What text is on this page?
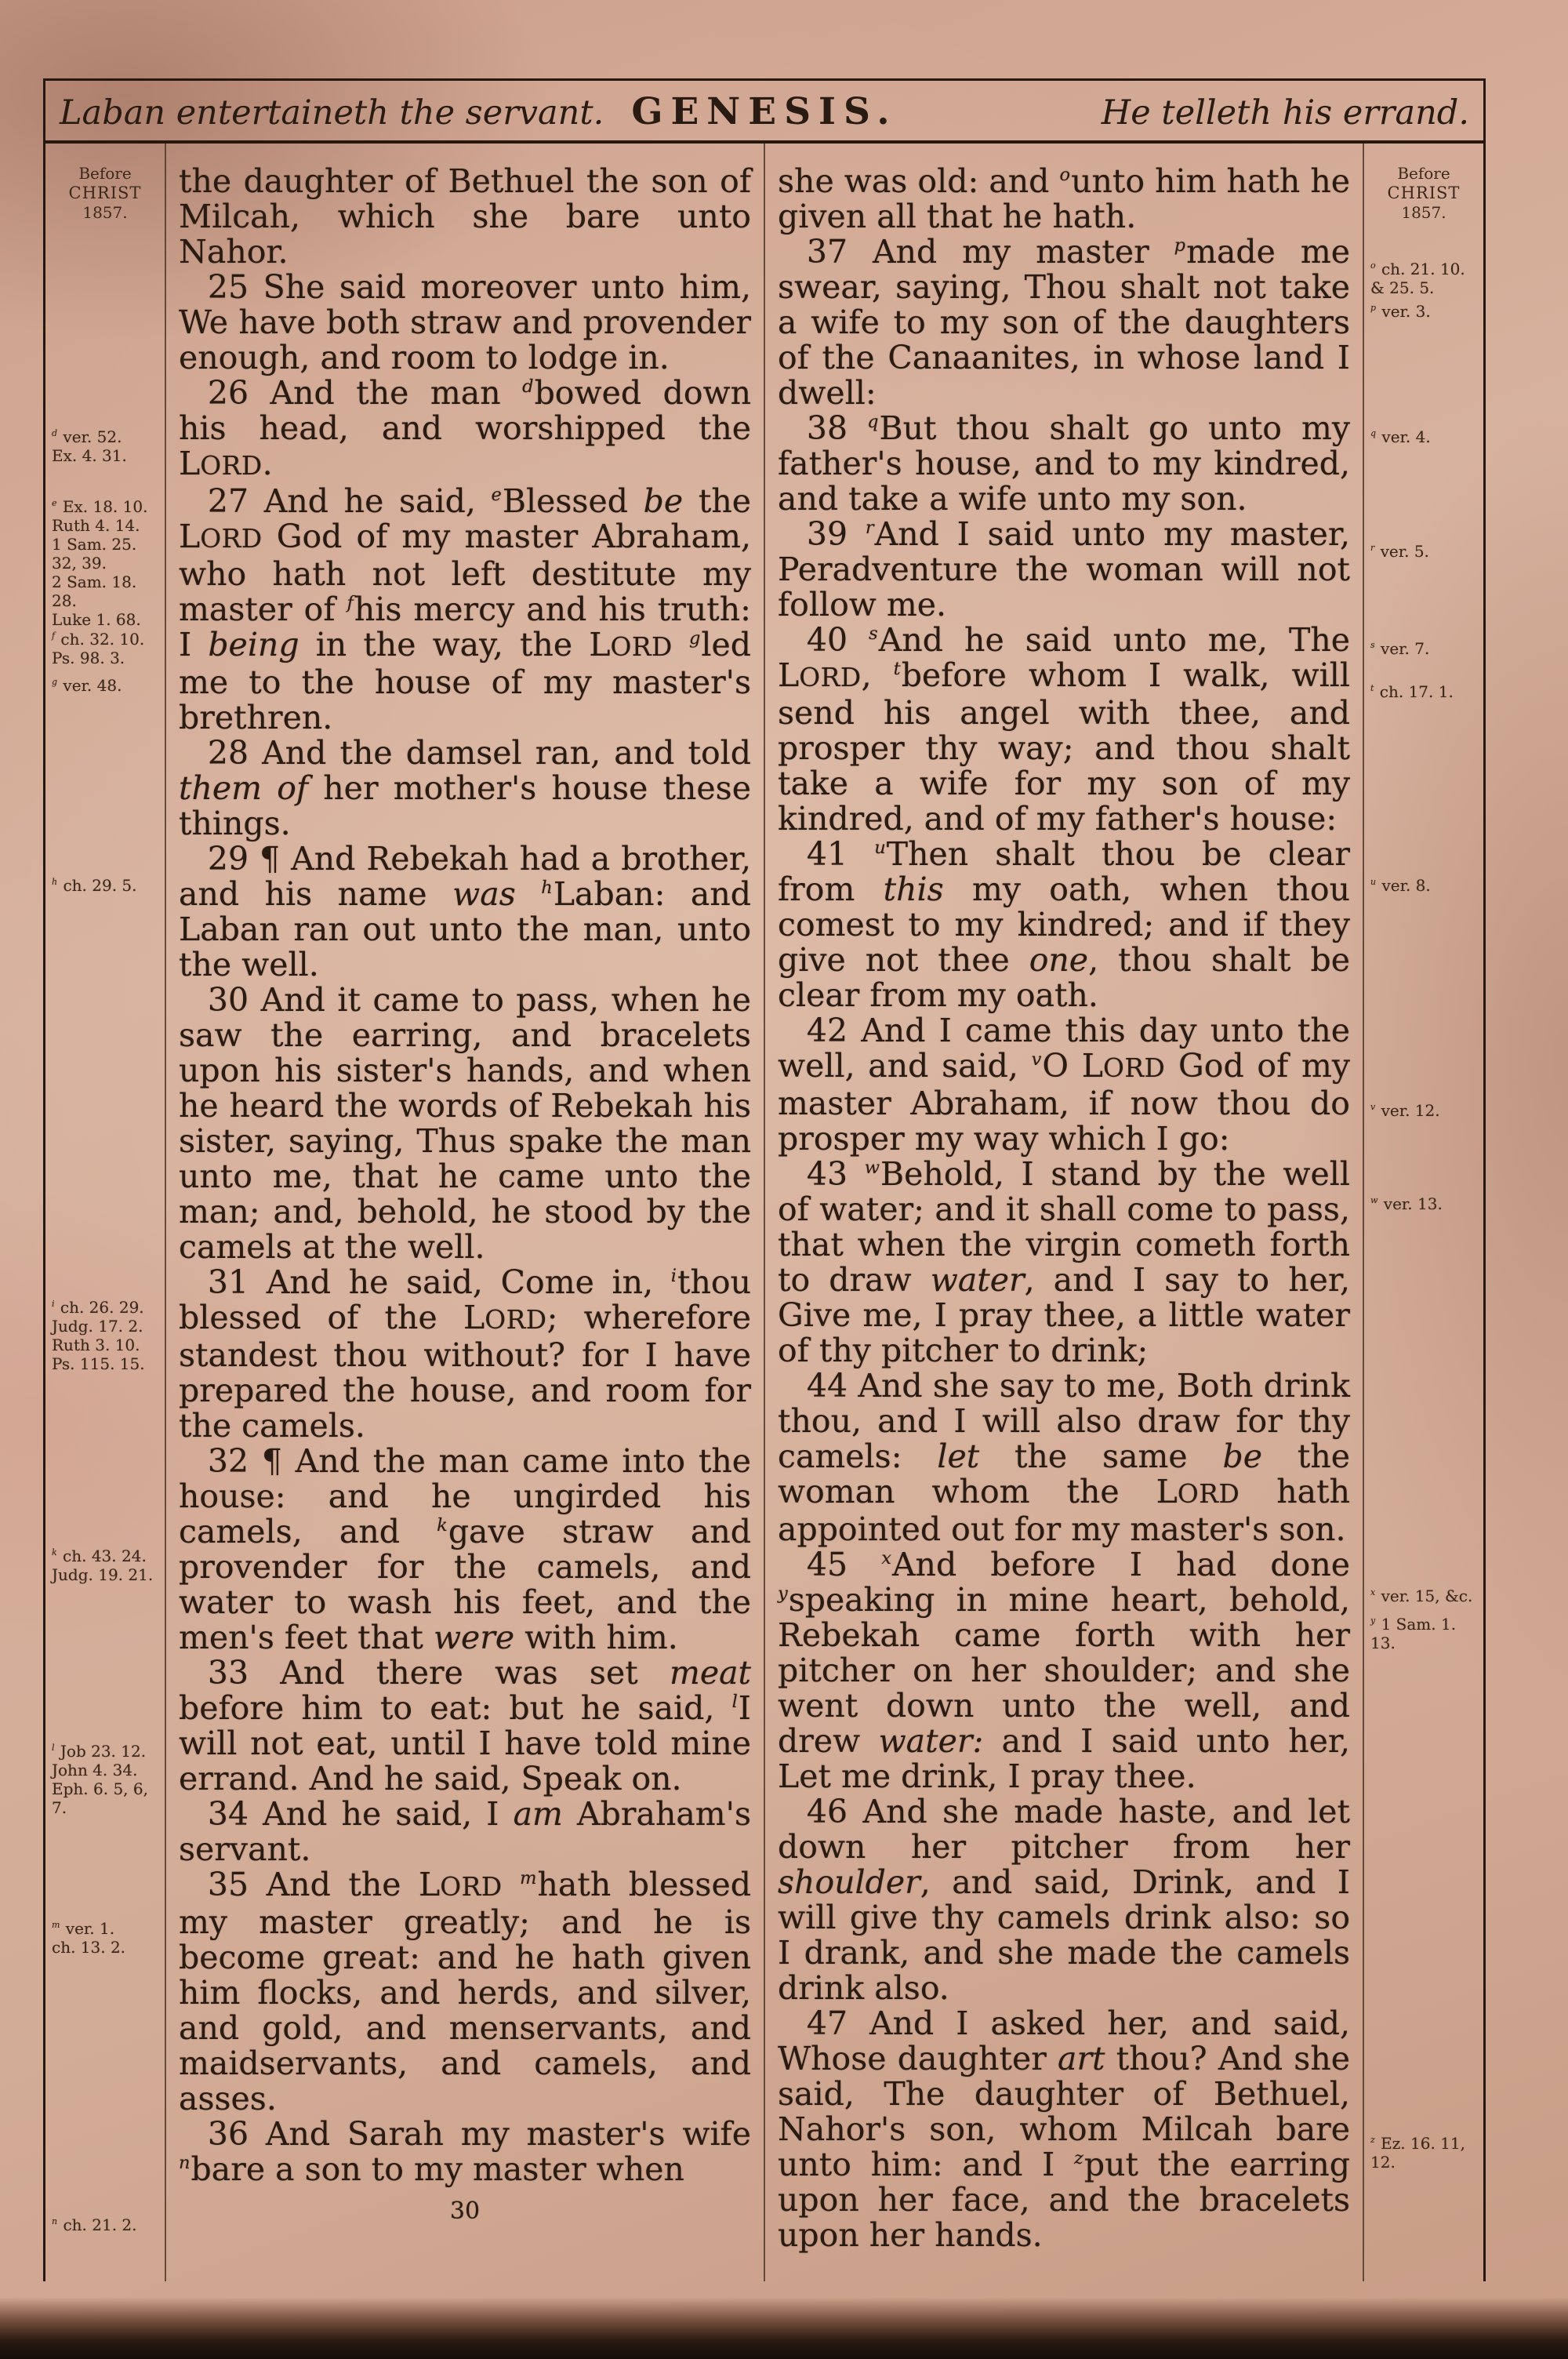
Laban entertaineth the servant. GENESIS.	He telleth his errand.
Before
CHRIST
1857.
$^d$ ver. 52.
Ex. 4. 31.
$^e$ Ex. 18. 10.
Ruth 4. 14.
1 Sam. 25.
32, 39.
2 Sam. 18.
28.
Luke 1. 68.
$^f$ ch. 32. 10.
Ps. 98. 3.
$^g$ ver. 48.
$^h$ ch. 29. 5.
$^i$ ch. 26. 29.
Judg. 17. 2.
Ruth 3. 10.
Ps. 115. 15.
$^k$ ch. 43. 24.
Judg. 19. 21.
$^l$ Job 23. 12.
John 4. 34.
Eph. 6. 5, 6,
7.
$^m$ ver. 1.
ch. 13. 2.
$^n$ ch. 21. 2.

the daughter of Bethuel the son of Milcah, which she bare unto Nahor.

25 She said moreover unto him, We have both straw and provender enough, and room to lodge in.

26 And the man $^d$bowed down his head, and worshipped the LORD.

27 And he said, $^e$Blessed be the LORD God of my master Abraham, who hath not left destitute my master of $^f$his mercy and his truth: I being in the way, the LORD $^g$led me to the house of my master's brethren.

28 And the damsel ran, and told them of her mother's house these things.

29 ¶ And Rebekah had a brother, and his name was $^h$Laban: and Laban ran out unto the man, unto the well.

30 And it came to pass, when he saw the earring, and bracelets upon his sister's hands, and when he heard the words of Rebekah his sister, saying, Thus spake the man unto me, that he came unto the man; and, behold, he stood by the camels at the well.

31 And he said, Come in, $^i$thou blessed of the LORD; wherefore standest thou without? for I have prepared the house, and room for the camels.

32 ¶ And the man came into the house: and he ungirded his camels, and $^k$gave straw and provender for the camels, and water to wash his feet, and the men's feet that were with him.

33 And there was set meat before him to eat: but he said, $^l$I will not eat, until I have told mine errand. And he said, Speak on.

34 And he said, I am Abraham's servant.

35 And the LORD $^m$hath blessed my master greatly; and he is become great: and he hath given him flocks, and herds, and silver, and gold, and menservants, and maidservants, and camels, and asses.

36 And Sarah my master's wife $^n$bare a son to my master when

30

she was old: and $^o$unto him hath he given all that he hath.

37 And my master $^p$made me swear, saying, Thou shalt not take a wife to my son of the daughters of the Canaanites, in whose land I dwell:

38 $^q$But thou shalt go unto my father's house, and to my kindred, and take a wife unto my son.

39 $^r$And I said unto my master, Peradventure the woman will not follow me.

40 $^s$And he said unto me, The LORD, $^t$before whom I walk, will send his angel with thee, and prosper thy way; and thou shalt take a wife for my son of my kindred, and of my father's house:

41 $^u$Then shalt thou be clear from this my oath, when thou comest to my kindred; and if they give not thee one, thou shalt be clear from my oath.

42 And I came this day unto the well, and said, $^v$O LORD God of my master Abraham, if now thou do prosper my way which I go:

43 $^w$Behold, I stand by the well of water; and it shall come to pass, that when the virgin cometh forth to draw water, and I say to her, Give me, I pray thee, a little water of thy pitcher to drink;

44 And she say to me, Both drink thou, and I will also draw for thy camels: let the same be the woman whom the LORD hath appointed out for my master's son.

45 $^x$And before I had done $^y$speaking in mine heart, behold, Rebekah came forth with her pitcher on her shoulder; and she went down unto the well, and drew water: and I said unto her, Let me drink, I pray thee.

46 And she made haste, and let down her pitcher from her shoulder, and said, Drink, and I will give thy camels drink also: so I drank, and she made the camels drink also.

47 And I asked her, and said, Whose daughter art thou? And she said, The daughter of Bethuel, Nahor's son, whom Milcah bare unto him: and I $^z$put the earring upon her face, and the bracelets upon her hands.

Before
CHRIST
1857.
$^o$ ch. 21. 10.
& 25. 5.
$^p$ ver. 3.
$^q$ ver. 4.
$^r$ ver. 5.
$^s$ ver. 7.
$^t$ ch. 17. 1.
$^u$ ver. 8.
$^v$ ver. 12.
$^w$ ver. 13.
$^x$ ver. 15, &c.
$^y$ 1 Sam. 1.
13.
$^z$ Ez. 16. 11,
12.
